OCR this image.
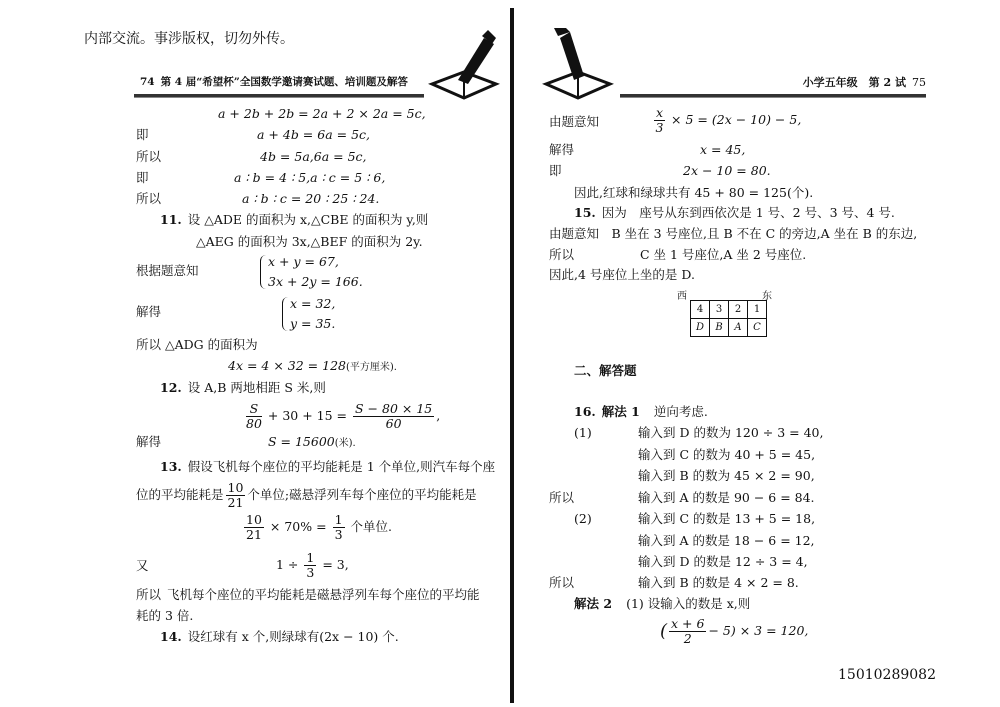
内部交流。事涉版权，切勿外传。
74 第 4 届“希望杯”全国数学邀请赛试题、培训题及解答
a + 2b + 2b = 2a + 2 × 2a = 5c,
即	a + 4b = 6a = 5c,
所以	4b = 5a,6a = 5c,
即	a ∶ b = 4 ∶ 5,a ∶ c = 5 ∶ 6,
所以	a ∶ b ∶ c = 20 ∶ 25 ∶ 24.
11. 设 △ADE 的面积为 x,△CBE 的面积为 y,则
△AEG 的面积为 3x,△BEF 的面积为 2y.
根据题意知
x + y = 67,
3x + 2y = 166.
解得
x = 32,
y = 35.
所以 △ADG 的面积为
4x = 4 × 32 = 128(平方厘米).
12. 设 A,B 两地相距 S 米,则
$\frac{S}{80} + 30 + 15 = \frac{S - 80 \times 15}{60}$ ,
解得	S = 15600(米).
13. 假设飞机每个座位的平均能耗是 1 个单位,则汽车每个座
位的平均能耗是 $\frac{10}{21}$ 个单位;磁悬浮列车每个座位的平均能耗是
$\frac{10}{21} \times 70\% = \frac{1}{3}$ 个单位.
又	$1 \div \frac{1}{3} = 3$,
所以 飞机每个座位的平均能耗是磁悬浮列车每个座位的平均能
耗的 3 倍.
14. 设红球有 x 个,则绿球有(2x − 10) 个.
小学五年级　第 2 试 75
由题意知	$\frac{x}{3} \times 5 = (2x - 10) - 5$,
解得	x = 45,
即	2x − 10 = 80.
因此,红球和绿球共有 45 + 80 = 125(个).
15. 因为　座号从东到西依次是 1 号、2 号、3 号、4 号.
由题意知　B 坐在 3 号座位,且 B 不在 C 的旁边,A 坐在 B 的东边,
所以	C 坐 1 号座位,A 坐 2 号座位.
因此,4 号座位上坐的是 D.
西	东
4	3	2	1
D	B	A	C
二、解答题
16. 解法 1 逆向考虑.
(1)	输入到 D 的数为 120 ÷ 3 = 40,
输入到 C 的数为 40 + 5 = 45,
输入到 B 的数为 45 × 2 = 90,
所以	输入到 A 的数是 90 − 6 = 84.
(2)	输入到 C 的数是 13 + 5 = 18,
输入到 A 的数是 18 − 6 = 12,
输入到 D 的数是 12 ÷ 3 = 4,
所以	输入到 B 的数是 4 × 2 = 8.
解法 2 (1) 设输入的数是 x,则
( $\frac{x + 6}{2} - 5) \times 3 = 120$,
15010289082
